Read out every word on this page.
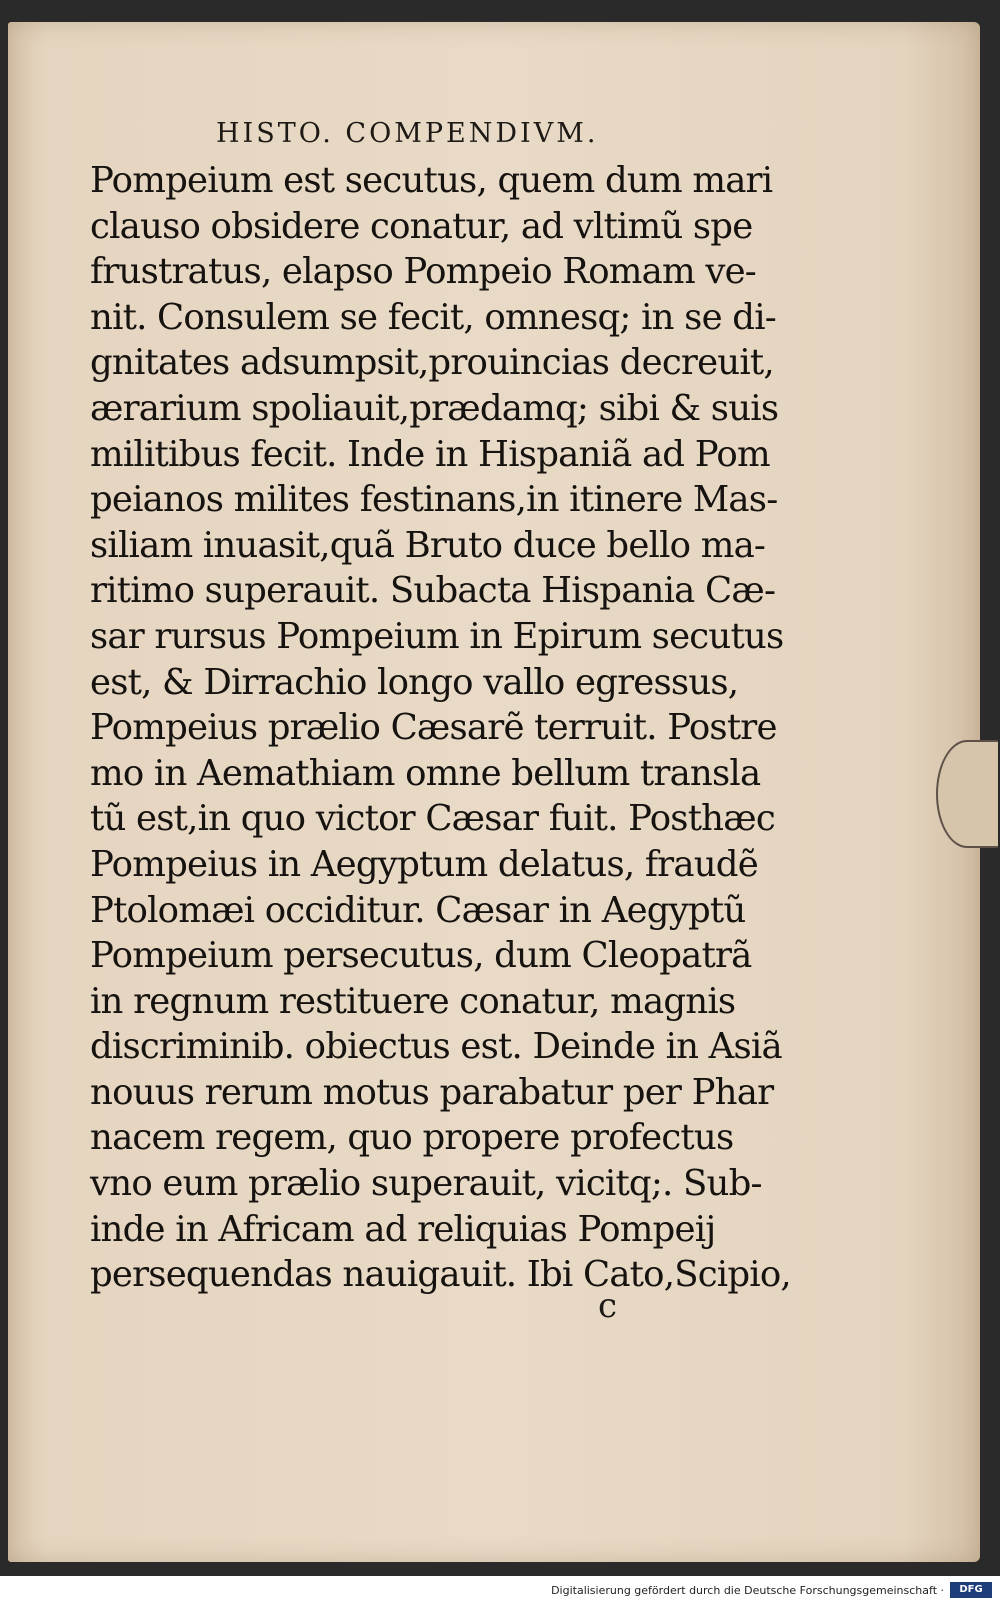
HISTO. COMPENDIVM.
Pompeium est secutus, quem dum mari
clauso obsidere conatur, ad vltimũ spe
frustratus, elapso Pompeio Romam ve-
nit. Consulem se fecit, omnesq; in se di-
gnitates adsumpsit,prouincias decreuit,
ærarium spoliauit,prædamq; sibi & suis
militibus fecit. Inde in Hispaniã ad Pom
peianos milites festinans,in itinere Mas-
siliam inuasit,quã Bruto duce bello ma-
ritimo superauit. Subacta Hispania Cæ-
sar rursus Pompeium in Epirum secutus
est, & Dirrachio longo vallo egressus,
Pompeius prælio Cæsarẽ terruit. Postre
mo in Aemathiam omne bellum transla
tũ est,in quo victor Cæsar fuit. Posthæc
Pompeius in Aegyptum delatus, fraudẽ
Ptolomæi occiditur. Cæsar in Aegyptũ
Pompeium persecutus, dum Cleopatrã
in regnum restituere conatur, magnis
discriminib. obiectus est. Deinde in Asiã
nouus rerum motus parabatur per Phar
nacem regem, quo propere profectus
vno eum prælio superauit, vicitq;. Sub-
inde in Africam ad reliquias Pompeij
persequendas nauigauit. Ibi Cato,Scipio,
c
Digitalisierung gefördert durch die Deutsche Forschungsgemeinschaft ·	DFG
